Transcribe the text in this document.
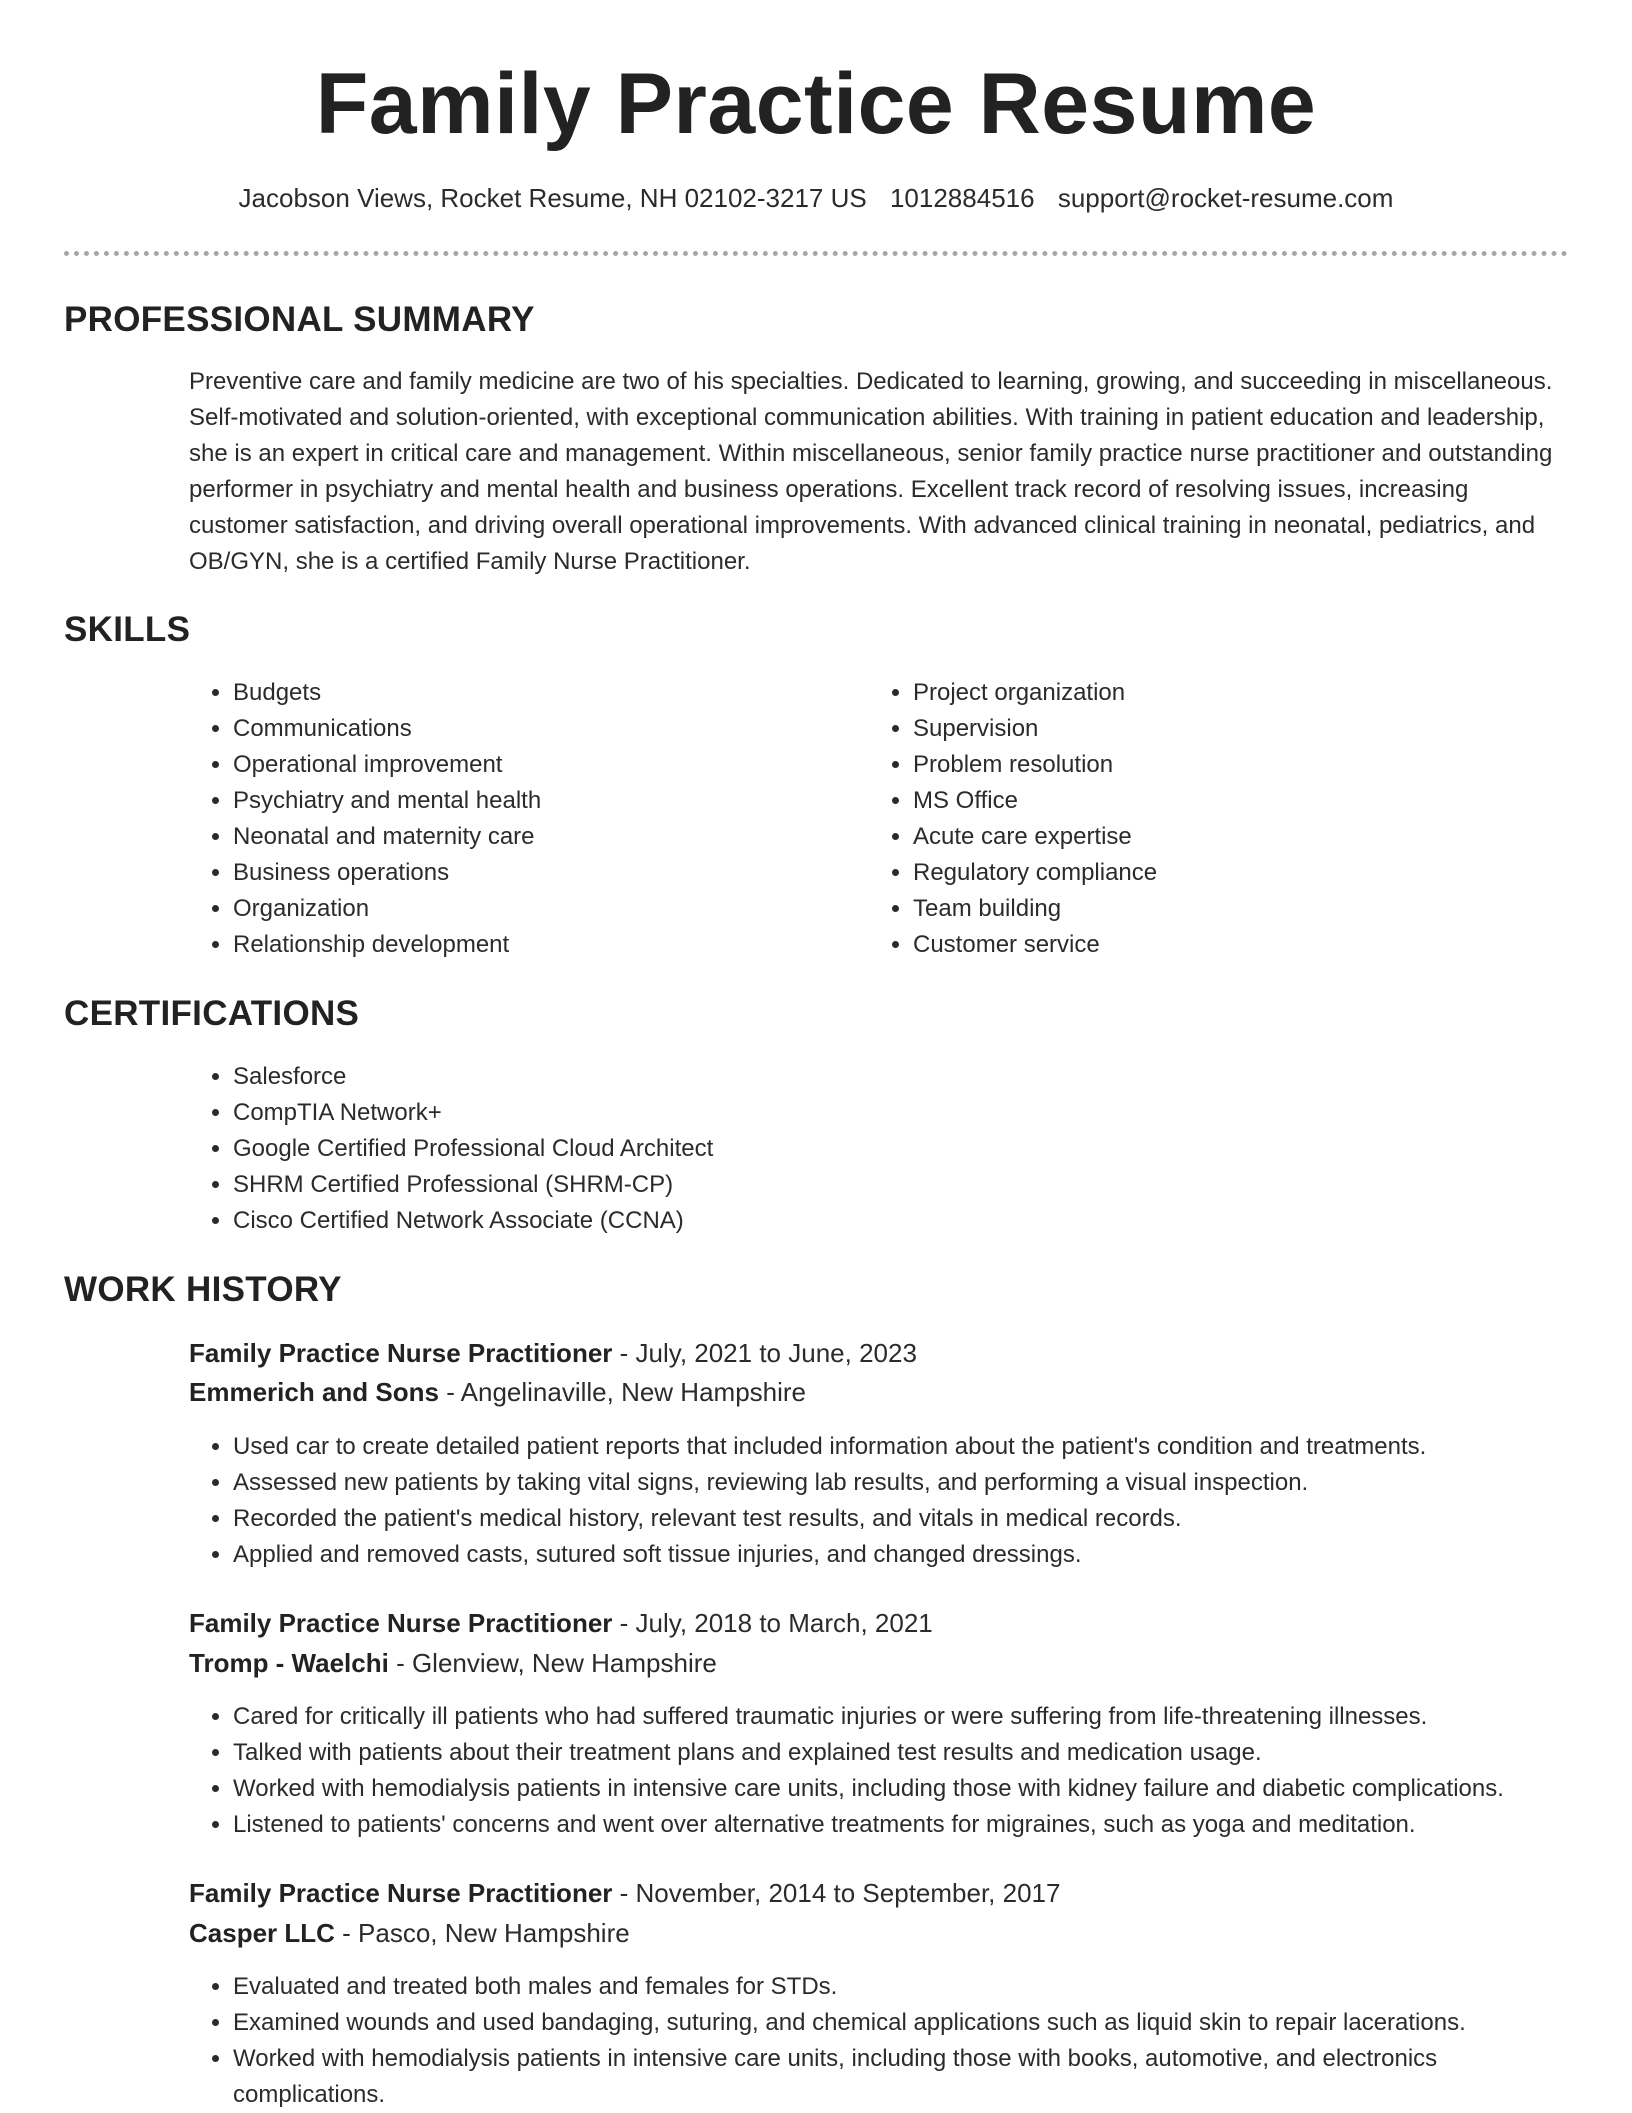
Family Practice Resume
Jacobson Views, Rocket Resume, NH 02102-3217 US 1012884516 support@rocket-resume.com
PROFESSIONAL SUMMARY

Preventive care and family medicine are two of his specialties. Dedicated to learning, growing, and succeeding in miscellaneous. Self-motivated and solution-oriented, with exceptional communication abilities. With training in patient education and leadership, she is an expert in critical care and management. Within miscellaneous, senior family practice nurse practitioner and outstanding performer in psychiatry and mental health and business operations. Excellent track record of resolving issues, increasing customer satisfaction, and driving overall operational improvements. With advanced clinical training in neonatal, pediatrics, and OB/GYN, she is a certified Family Nurse Practitioner.

SKILLS
• Budgets
• Communications
• Operational improvement
• Psychiatry and mental health
• Neonatal and maternity care
• Business operations
• Organization
• Relationship development
• Project organization
• Supervision
• Problem resolution
• MS Office
• Acute care expertise
• Regulatory compliance
• Team building
• Customer service
CERTIFICATIONS
• Salesforce
• CompTIA Network+
• Google Certified Professional Cloud Architect
• SHRM Certified Professional (SHRM-CP)
• Cisco Certified Network Associate (CCNA)
WORK HISTORY
Family Practice Nurse Practitioner - July, 2021 to June, 2023
Emmerich and Sons - Angelinaville, New Hampshire
• Used car to create detailed patient reports that included information about the patient's condition and treatments.
• Assessed new patients by taking vital signs, reviewing lab results, and performing a visual inspection.
• Recorded the patient's medical history, relevant test results, and vitals in medical records.
• Applied and removed casts, sutured soft tissue injuries, and changed dressings.
Family Practice Nurse Practitioner - July, 2018 to March, 2021
Tromp - Waelchi - Glenview, New Hampshire
• Cared for critically ill patients who had suffered traumatic injuries or were suffering from life-threatening illnesses.
• Talked with patients about their treatment plans and explained test results and medication usage.
• Worked with hemodialysis patients in intensive care units, including those with kidney failure and diabetic complications.
• Listened to patients' concerns and went over alternative treatments for migraines, such as yoga and meditation.
Family Practice Nurse Practitioner - November, 2014 to September, 2017
Casper LLC - Pasco, New Hampshire
• Evaluated and treated both males and females for STDs.
• Examined wounds and used bandaging, suturing, and chemical applications such as liquid skin to repair lacerations.
• Worked with hemodialysis patients in intensive care units, including those with books, automotive, and electronics complications.
